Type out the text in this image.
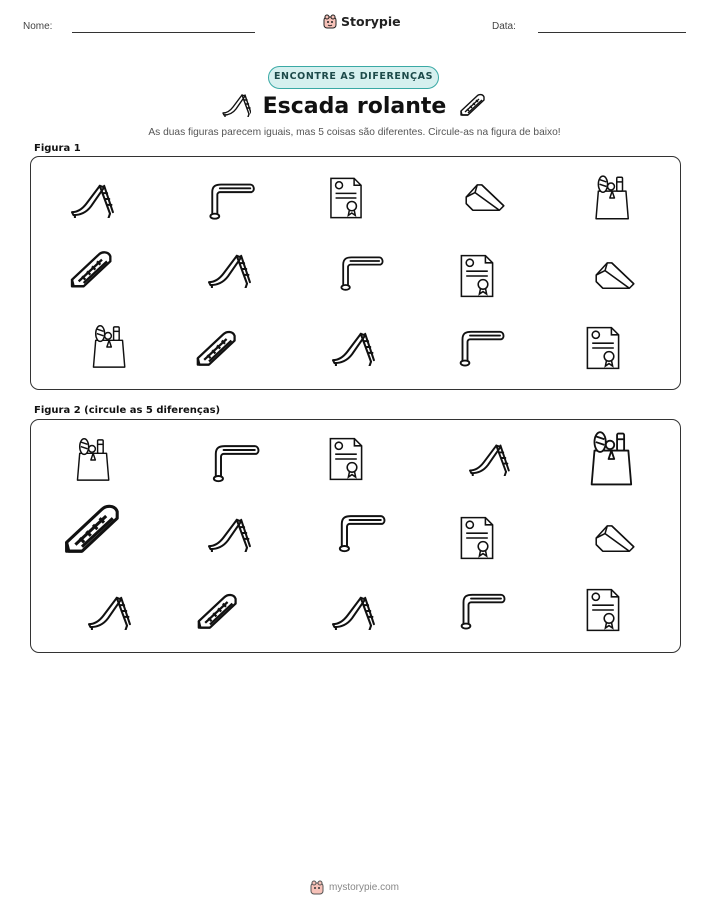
Nome:	Storypie	Data:
ENCONTRE AS DIFERENÇAS
Escada rolante
As duas figuras parecem iguais, mas 5 coisas são diferentes. Circule-as na figura de baixo!
Figura 1
Figura 2 (circule as 5 diferenças)
mystorypie.com
